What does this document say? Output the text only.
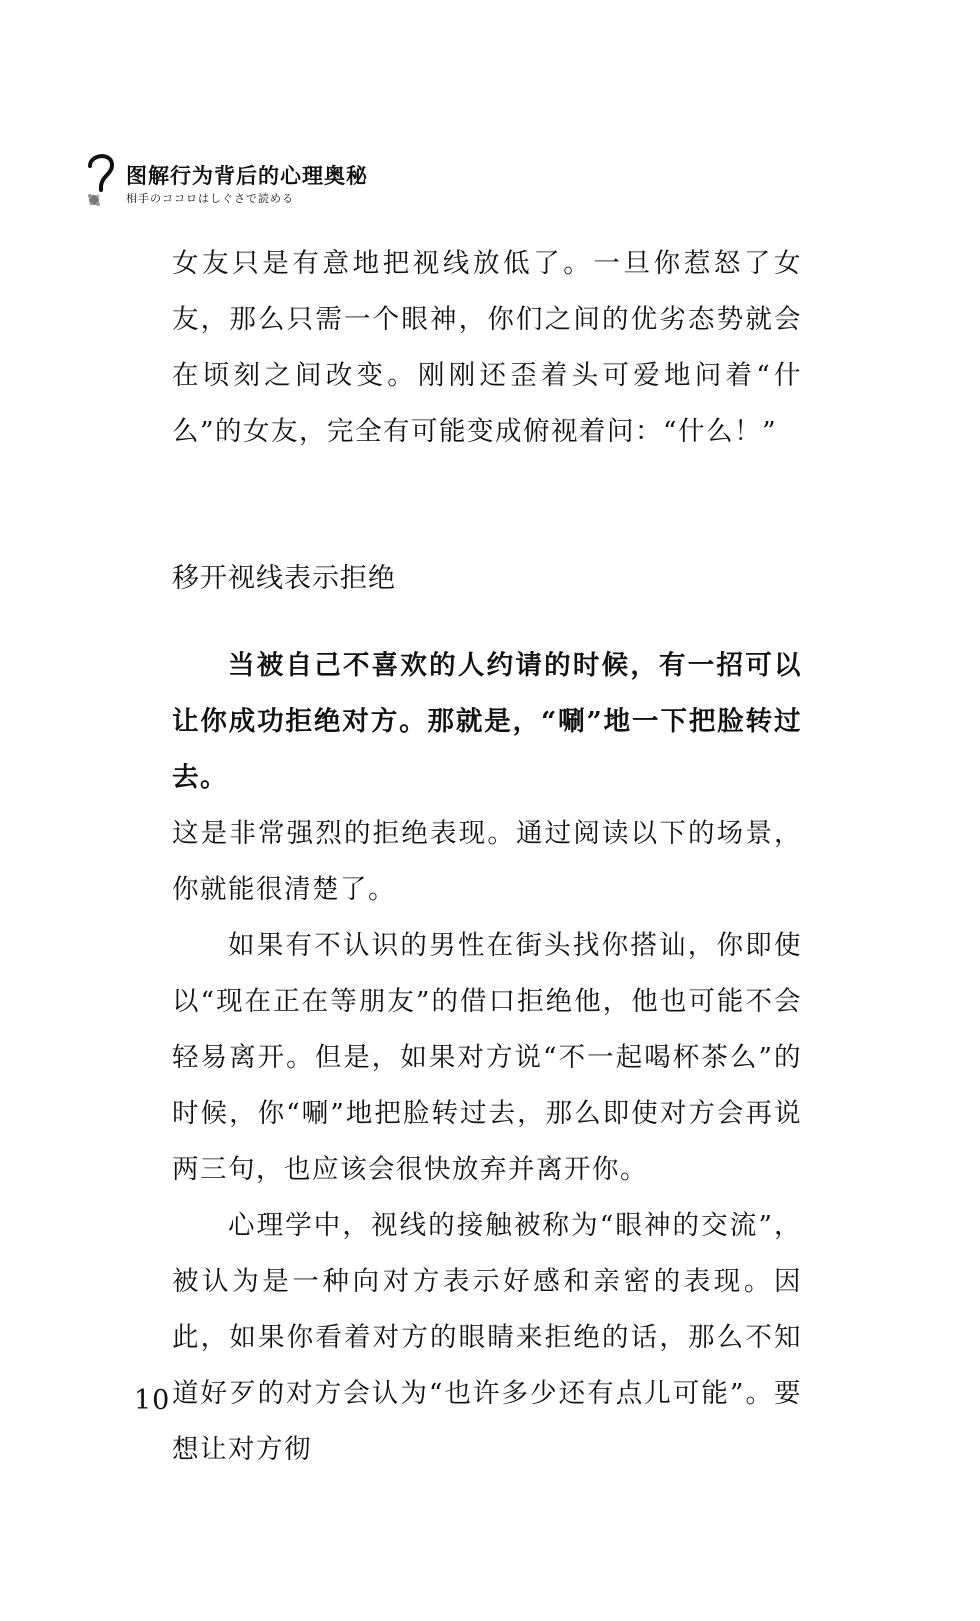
图解行为背后的心理奥秘
相手のココロはしぐさで読める

女友只是有意地把视线放低了。一旦你惹怒了女友，那么只需一个眼神，你们之间的优劣态势就会在顷刻之间改变。刚刚还歪着头可爱地问着“什么”的女友，完全有可能变成俯视着问：“什么！”

移开视线表示拒绝

当被自己不喜欢的人约请的时候，有一招可以让你成功拒绝对方。那就是，“唰”地一下把脸转过去。

这是非常强烈的拒绝表现。通过阅读以下的场景，你就能很清楚了。

如果有不认识的男性在街头找你搭讪，你即使以“现在正在等朋友”的借口拒绝他，他也可能不会轻易离开。但是，如果对方说“不一起喝杯茶么”的时候，你“唰”地把脸转过去，那么即使对方会再说两三句，也应该会很快放弃并离开你。

心理学中，视线的接触被称为“眼神的交流”，被认为是一种向对方表示好感和亲密的表现。因此，如果你看着对方的眼睛来拒绝的话，那么不知道好歹的对方会认为“也许多少还有点儿可能”。要想让对方彻

10
